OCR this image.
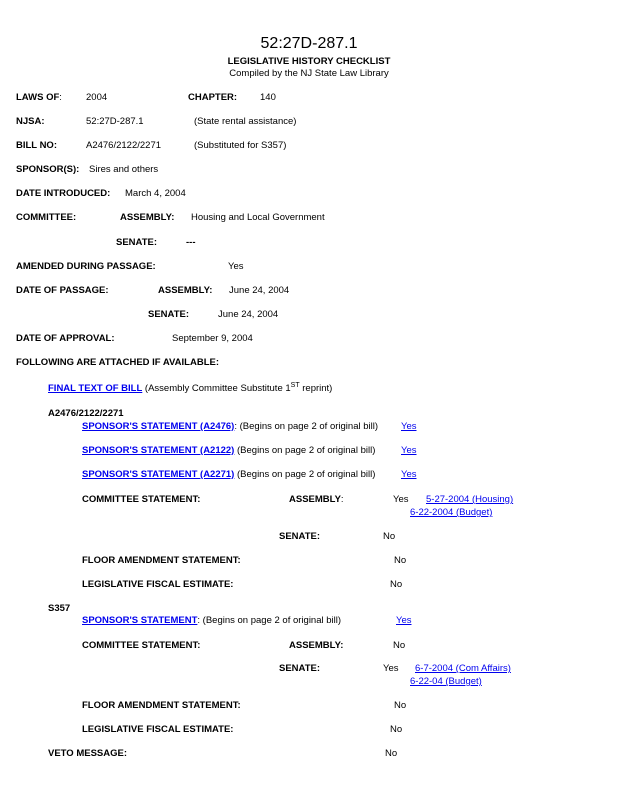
52:27D-287.1
LEGISLATIVE HISTORY CHECKLIST
Compiled by the NJ State Law Library
LAWS OF:	2004	CHAPTER: 140
NJSA:	52:27D-287.1	(State rental assistance)
BILL NO:	A2476/2122/2271	(Substituted for S357)
SPONSOR(S): Sires and others
DATE INTRODUCED: March 4, 2004
COMMITTEE:	ASSEMBLY: Housing and Local Government
SENATE:	---
AMENDED DURING PASSAGE:	Yes
DATE OF PASSAGE:	ASSEMBLY: June 24, 2004
SENATE:	June 24, 2004
DATE OF APPROVAL:	September 9, 2004
FOLLOWING ARE ATTACHED IF AVAILABLE:
FINAL TEXT OF BILL (Assembly Committee Substitute 1ST reprint)
A2476/2122/2271
SPONSOR'S STATEMENT (A2476): (Begins on page 2 of original bill) Yes
SPONSOR'S STATEMENT (A2122) (Begins on page 2 of original bill)	Yes
SPONSOR'S STATEMENT (A2271) (Begins on page 2 of original bill)	Yes
COMMITTEE STATEMENT:	ASSEMBLY:	Yes 5-27-2004 (Housing)
6-22-2004 (Budget)
SENATE:	No
FLOOR AMENDMENT STATEMENT:	No
LEGISLATIVE FISCAL ESTIMATE:	No
S357
SPONSOR'S STATEMENT: (Begins on page 2 of original bill)	Yes
COMMITTEE STATEMENT:	ASSEMBLY:	No
SENATE:	Yes 6-7-2004 (Com Affairs)
6-22-04 (Budget)
FLOOR AMENDMENT STATEMENT:	No
LEGISLATIVE FISCAL ESTIMATE:	No
VETO MESSAGE:	No
